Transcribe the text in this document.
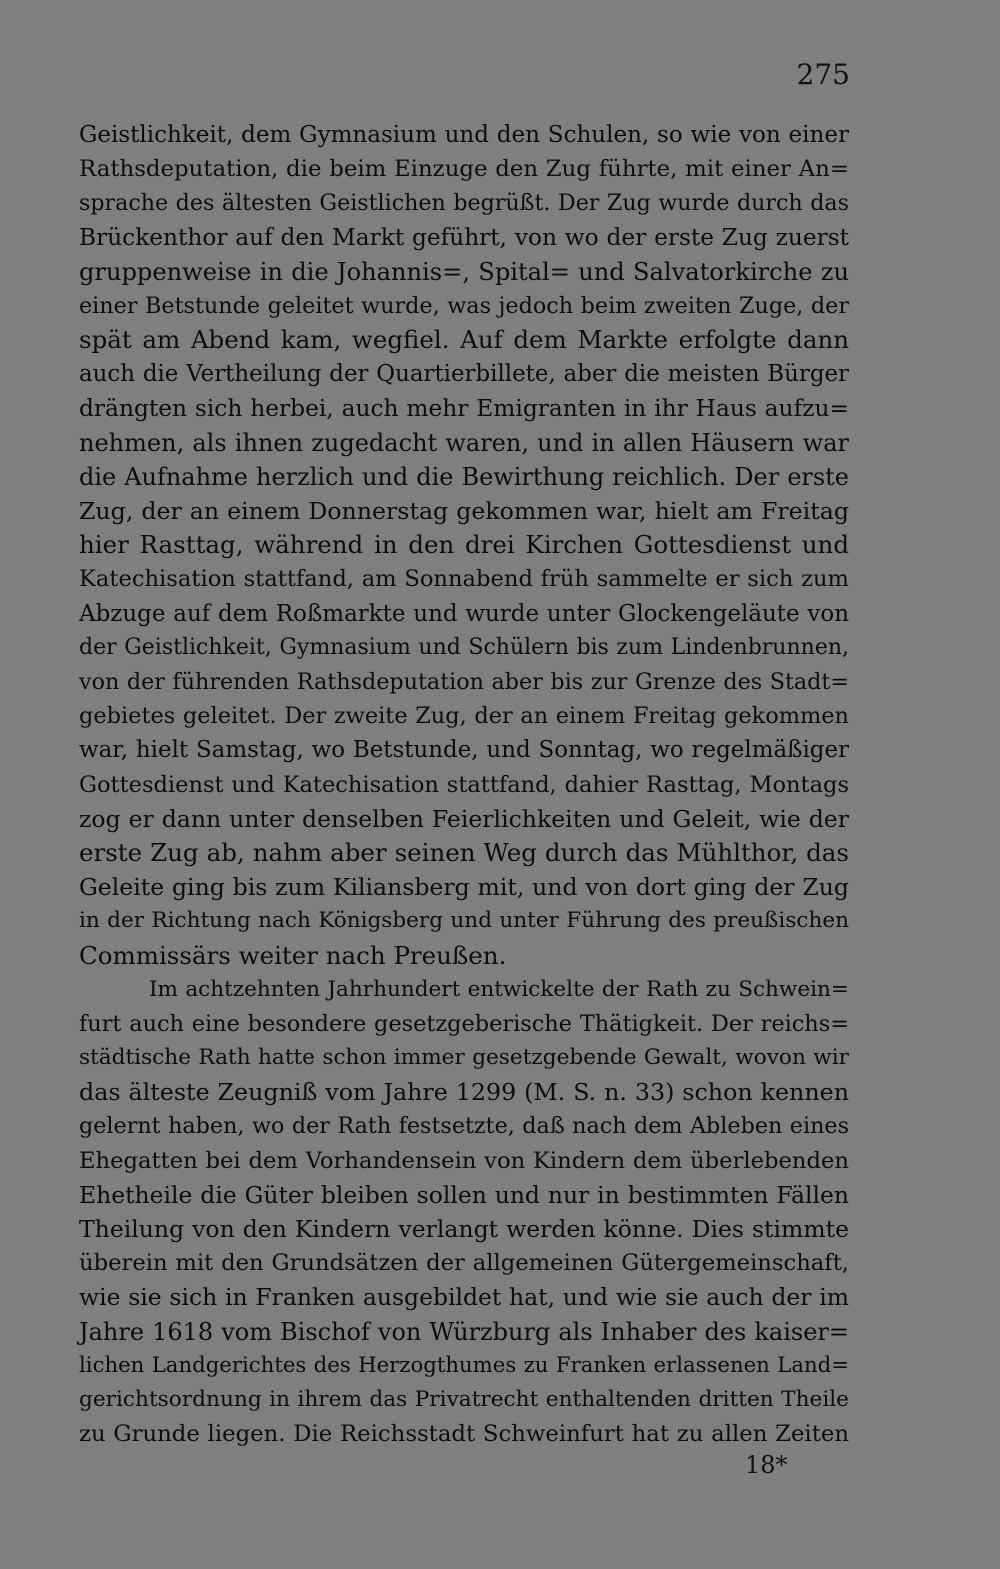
275
Geistlichkeit, dem Gymnasium und den Schulen, so wie von einer
Rathsdeputation, die beim Einzuge den Zug führte, mit einer An=
sprache des ältesten Geistlichen begrüßt. Der Zug wurde durch das
Brückenthor auf den Markt geführt, von wo der erste Zug zuerst
gruppenweise in die Johannis=, Spital= und Salvatorkirche zu
einer Betstunde geleitet wurde, was jedoch beim zweiten Zuge, der
spät am Abend kam, wegfiel. Auf dem Markte erfolgte dann
auch die Vertheilung der Quartierbillete, aber die meisten Bürger
drängten sich herbei, auch mehr Emigranten in ihr Haus aufzu=
nehmen, als ihnen zugedacht waren, und in allen Häusern war
die Aufnahme herzlich und die Bewirthung reichlich. Der erste
Zug, der an einem Donnerstag gekommen war, hielt am Freitag
hier Rasttag, während in den drei Kirchen Gottesdienst und
Katechisation stattfand, am Sonnabend früh sammelte er sich zum
Abzuge auf dem Roßmarkte und wurde unter Glockengeläute von
der Geistlichkeit, Gymnasium und Schülern bis zum Lindenbrunnen,
von der führenden Rathsdeputation aber bis zur Grenze des Stadt=
gebietes geleitet. Der zweite Zug, der an einem Freitag gekommen
war, hielt Samstag, wo Betstunde, und Sonntag, wo regelmäßiger
Gottesdienst und Katechisation stattfand, dahier Rasttag, Montags
zog er dann unter denselben Feierlichkeiten und Geleit, wie der
erste Zug ab, nahm aber seinen Weg durch das Mühlthor, das
Geleite ging bis zum Kiliansberg mit, und von dort ging der Zug
in der Richtung nach Königsberg und unter Führung des preußischen
Commissärs weiter nach Preußen.
Im achtzehnten Jahrhundert entwickelte der Rath zu Schwein=
furt auch eine besondere gesetzgeberische Thätigkeit. Der reichs=
städtische Rath hatte schon immer gesetzgebende Gewalt, wovon wir
das älteste Zeugniß vom Jahre 1299 (M. S. n. 33) schon kennen
gelernt haben, wo der Rath festsetzte, daß nach dem Ableben eines
Ehegatten bei dem Vorhandensein von Kindern dem überlebenden
Ehetheile die Güter bleiben sollen und nur in bestimmten Fällen
Theilung von den Kindern verlangt werden könne. Dies stimmte
überein mit den Grundsätzen der allgemeinen Gütergemeinschaft,
wie sie sich in Franken ausgebildet hat, und wie sie auch der im
Jahre 1618 vom Bischof von Würzburg als Inhaber des kaiser=
lichen Landgerichtes des Herzogthumes zu Franken erlassenen Land=
gerichtsordnung in ihrem das Privatrecht enthaltenden dritten Theile
zu Grunde liegen. Die Reichsstadt Schweinfurt hat zu allen Zeiten
18*
